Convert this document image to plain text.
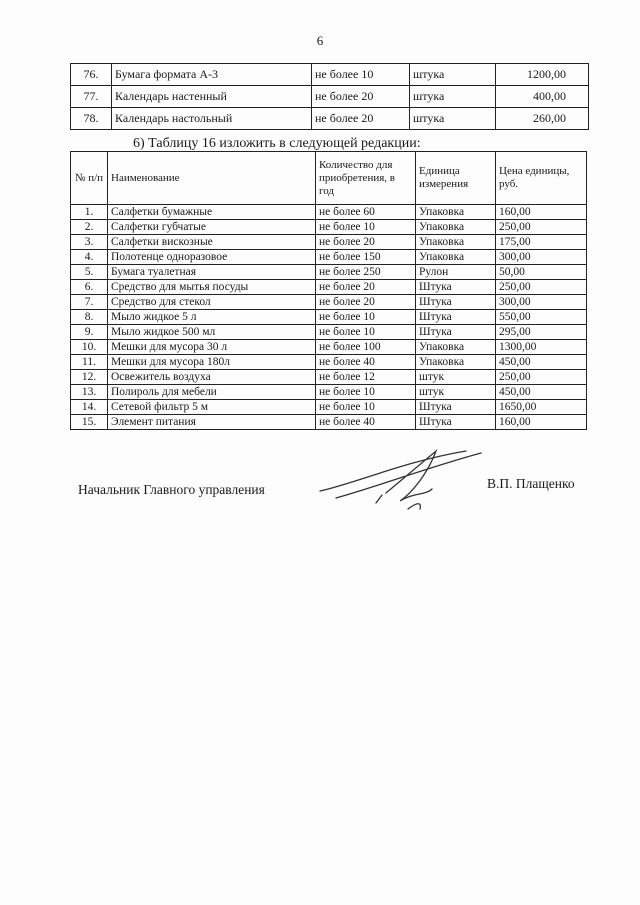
6
76.	Бумага формата А-3	не более 10	штука	1200,00
77.	Календарь настенный	не более 20	штука	400,00
78.	Календарь настольный	не более 20	штука	260,00
6) Таблицу 16 изложить в следующей редакции:
№ п/п	Наименование	Количество для приобретения, в год	Единица измерения	Цена единицы, руб.
1.	Салфетки бумажные	не более 60	Упаковка	160,00
2.	Салфетки губчатые	не более 10	Упаковка	250,00
3.	Салфетки вискозные	не более 20	Упаковка	175,00
4.	Полотенце одноразовое	не более 150	Упаковка	300,00
5.	Бумага туалетная	не более 250	Рулон	50,00
6.	Средство для мытья посуды	не более 20	Штука	250,00
7.	Средство для стекол	не более 20	Штука	300,00
8.	Мыло жидкое 5 л	не более 10	Штука	550,00
9.	Мыло жидкое 500 мл	не более 10	Штука	295,00
10.	Мешки для мусора 30 л	не более 100	Упаковка	1300,00
11.	Мешки для мусора 180л	не более 40	Упаковка	450,00
12.	Освежитель воздуха	не более 12	штук	250,00
13.	Полироль для мебели	не более 10	штук	450,00
14.	Сетевой фильтр 5 м	не более 10	Штука	1650,00
15.	Элемент питания	не более 40	Штука	160,00
Начальник Главного управления	В.П. Плащенко
